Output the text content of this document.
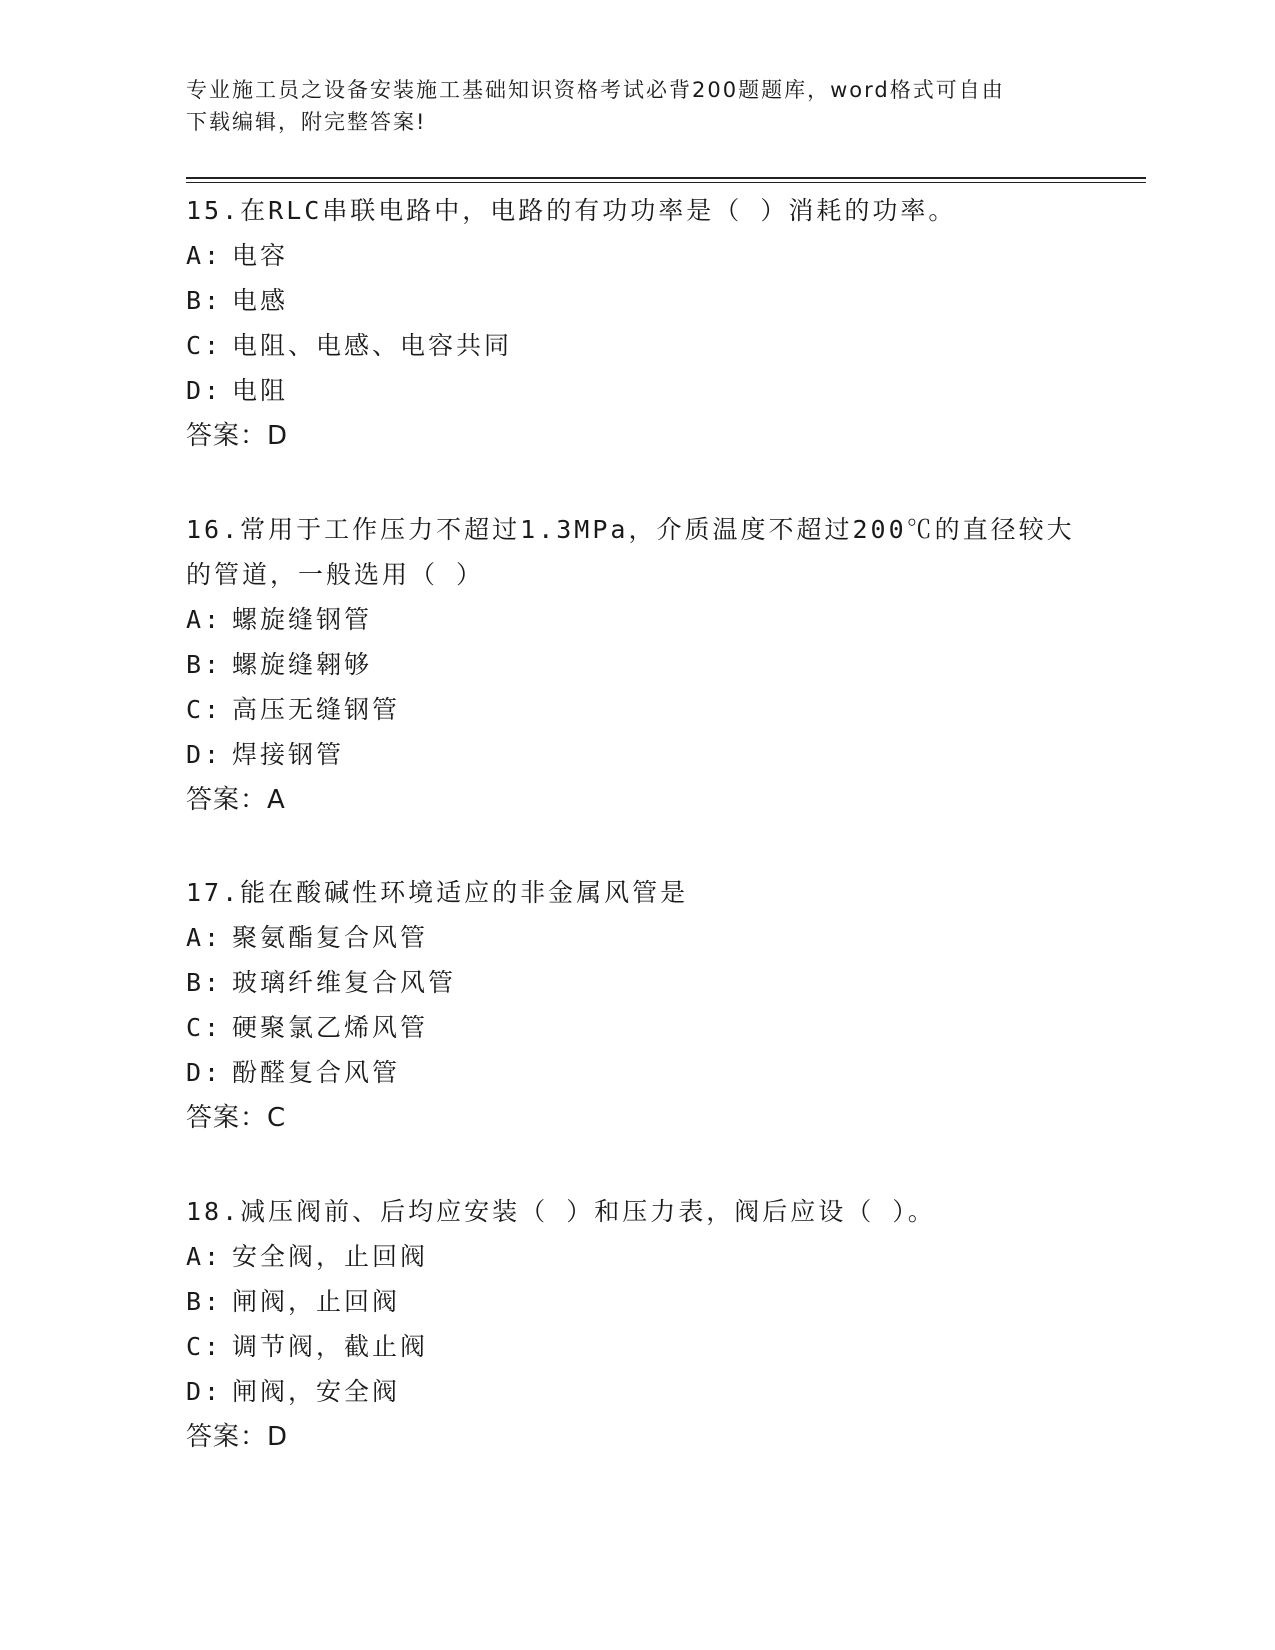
专业施工员之设备安装施工基础知识资格考试必背200题题库，word格式可自由
下载编辑，附完整答案!
15.在RLC串联电路中，电路的有功功率是（ ）消耗的功率。
A: 电容
B: 电感
C: 电阻、电感、电容共同
D: 电阻
答案：D
16.常用于工作压力不超过1.3MPa，介质温度不超过200℃的直径较大的管道，一般选用（ ）
A: 螺旋缝钢管
B: 螺旋缝翱够
C: 高压无缝钢管
D: 焊接钢管
答案：A
17.能在酸碱性环境适应的非金属风管是
A: 聚氨酯复合风管
B: 玻璃纤维复合风管
C: 硬聚氯乙烯风管
D: 酚醛复合风管
答案：C
18.减压阀前、后均应安装（ ）和压力表，阀后应设（ ）。
A: 安全阀，止回阀
B: 闸阀，止回阀
C: 调节阀，截止阀
D: 闸阀，安全阀
答案：D
